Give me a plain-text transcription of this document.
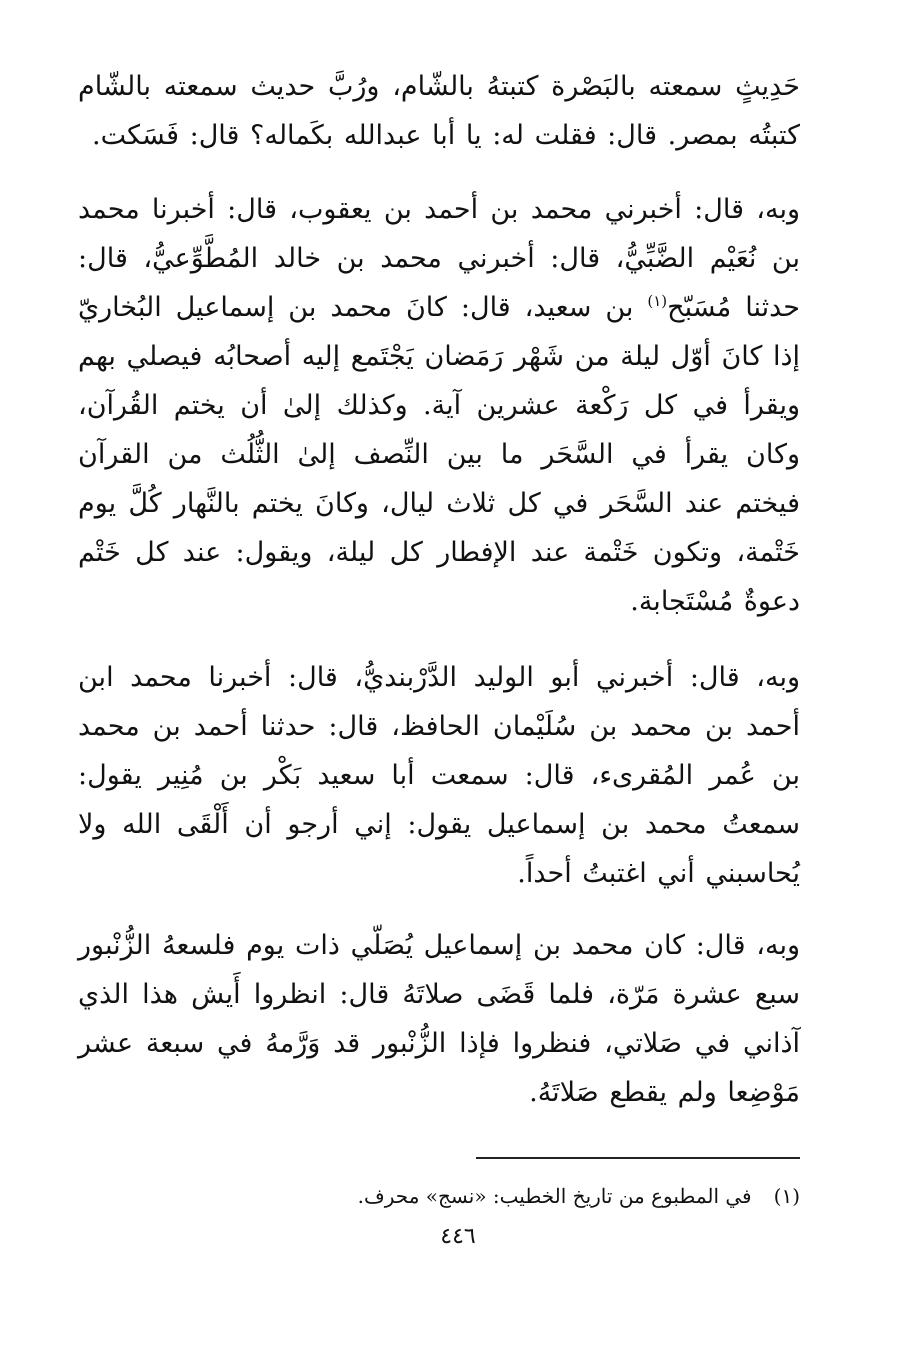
حَدِيثٍ سمعته بالبَصْرة كتبتهُ بالشّام، ورُبَّ حديث سمعته بالشّام كتبتُه بمصر. قال: فقلت له: يا أبا عبدالله بكَماله؟ قال: فَسَكت.

وبه، قال: أخبرني محمد بن أحمد بن يعقوب، قال: أخبرنا محمد بن نُعَيْم الضَّبِّيُّ، قال: أخبرني محمد بن خالد المُطَّوِّعيُّ، قال: حدثنا مُسَبّح$^{(١)}$ بن سعيد، قال: كانَ محمد بن إسماعيل البُخاريّ إذا كانَ أوّل ليلة من شَهْر رَمَضان يَجْتَمع إليه أصحابُه فيصلي بهم ويقرأ في كل رَكْعة عشرين آية. وكذلك إلىٰ أن يختم القُرآن، وكان يقرأ في السَّحَر ما بين النِّصف إلىٰ الثُّلُث من القرآن فيختم عند السَّحَر في كل ثلاث ليال، وكانَ يختم بالنَّهار كُلَّ يوم خَتْمة، وتكون خَتْمة عند الإفطار كل ليلة، ويقول: عند كل خَتْم دعوةٌ مُسْتَجابة.

وبه، قال: أخبرني أبو الوليد الدَّرْبنديُّ، قال: أخبرنا محمد ابن أحمد بن محمد بن سُلَيْمان الحافظ، قال: حدثنا أحمد بن محمد بن عُمر المُقرىء، قال: سمعت أبا سعيد بَكْر بن مُنِير يقول: سمعتُ محمد بن إسماعيل يقول: إني أرجو أن أَلْقَى الله ولا يُحاسبني أني اغتبتُ أحداً.

وبه، قال: كان محمد بن إسماعيل يُصَلّي ذات يوم فلسعهُ الزُّنْبور سبع عشرة مَرّة، فلما قَضَى صلاتَهُ قال: انظروا أَيش هذا الذي آذاني في صَلاتي، فنظروا فإذا الزُّنْبور قد وَرَّمهُ في سبعة عشر مَوْضِعا ولم يقطع صَلاتَهُ.

(١)في المطبوع من تاريخ الخطيب: «نسج» محرف.

٤٤٦
